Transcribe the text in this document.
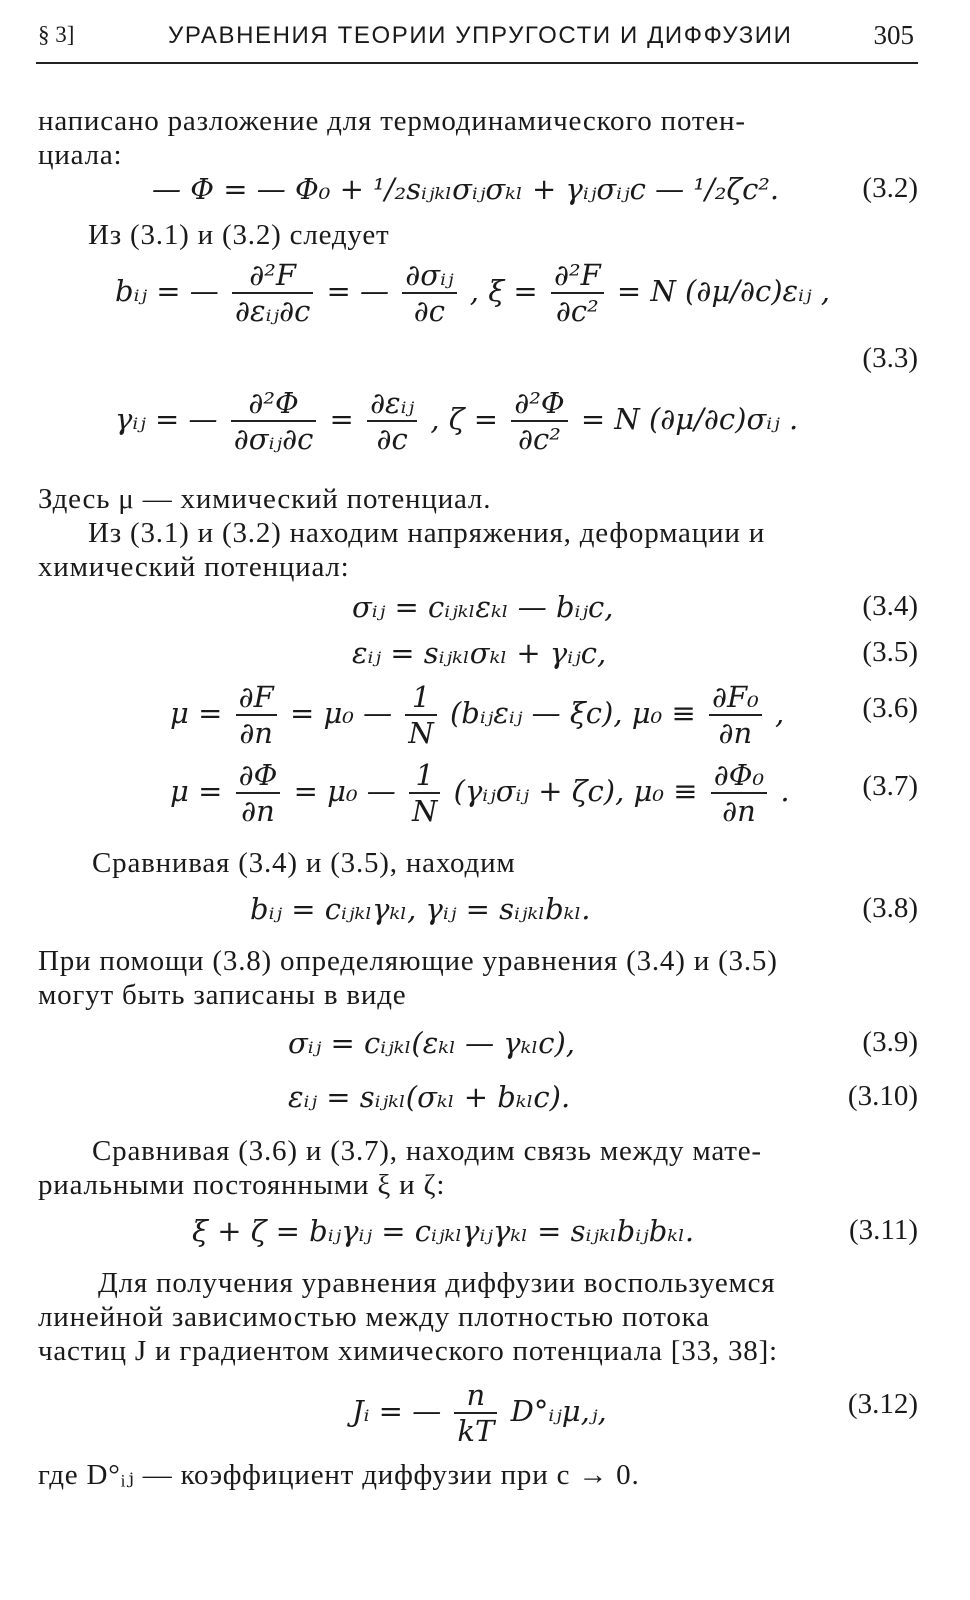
§ 3]	УРАВНЕНИЯ ТЕОРИИ УПРУГОСТИ И ДИФФУЗИИ	305
написано разложение для термодинамического потен-
циала:
— Φ = — Φ₀ + ¹/₂sᵢⱼₖₗσᵢⱼσₖₗ + γᵢⱼσᵢⱼc — ¹/₂ζc².	(3.2)
Из (3.1) и (3.2) следует
bᵢⱼ = — $\frac{\text{∂²F}}{\text{∂εᵢⱼ∂c}}$ = — $\frac{\text{∂σᵢⱼ}}{\partial c}$ , $\xi = \frac{\text{∂²F}}{\text{∂c²}} = N$ (∂μ/∂c)εᵢⱼ ,
(3.3)
γᵢⱼ = — $\frac{\text{∂²Φ}}{\text{∂σᵢⱼ∂c}} = \frac{\text{∂εᵢⱼ}}{\partial c}$ , $\zeta = \frac{\text{∂²Φ}}{\text{∂c²}} = N$ (∂μ/∂c)σᵢⱼ .
Здесь μ — химический потенциал.
Из (3.1) и (3.2) находим напряжения, деформации и
химический потенциал:
σᵢⱼ = cᵢⱼₖₗεₖₗ — bᵢⱼc,	(3.4)
εᵢⱼ = sᵢⱼₖₗσₖₗ + γᵢⱼc,	(3.5)
$\mu = \frac{\partial F}{\partial n} = \mu_0$ — $\frac{1}{N}$ (bᵢⱼεᵢⱼ — ξc), $\mu_0 \equiv \frac{\text{∂F₀}}{\partial n}$ ,	(3.6)
$\mu = \frac{\partial\Phi}{\partial n} = \mu_0$ — $\frac{1}{N}$ (γᵢⱼσᵢⱼ + ζc), $\mu_0 \equiv \frac{\text{∂Φ₀}}{\partial n}$ .	(3.7)
Сравнивая (3.4) и (3.5), находим
bᵢⱼ = cᵢⱼₖₗγₖₗ, γᵢⱼ = sᵢⱼₖₗbₖₗ.	(3.8)
При помощи (3.8) определяющие уравнения (3.4) и (3.5)
могут быть записаны в виде
σᵢⱼ = cᵢⱼₖₗ(εₖₗ — γₖₗc),	(3.9)
εᵢⱼ = sᵢⱼₖₗ(σₖₗ + bₖₗc).	(3.10)
Сравнивая (3.6) и (3.7), находим связь между мате-
риальными постоянными ξ и ζ:
ξ + ζ = bᵢⱼγᵢⱼ = cᵢⱼₖₗγᵢⱼγₖₗ = sᵢⱼₖₗbᵢⱼbₖₗ.	(3.11)
Для получения уравнения диффузии воспользуемся
линейной зависимостью между плотностью потока
частиц J и градиентом химического потенциала [33, 38]:
Jᵢ = — $\frac{n}{kT}$ D°ᵢⱼμ,ⱼ,	(3.12)
где D°ᵢⱼ — коэффициент диффузии при c → 0.
